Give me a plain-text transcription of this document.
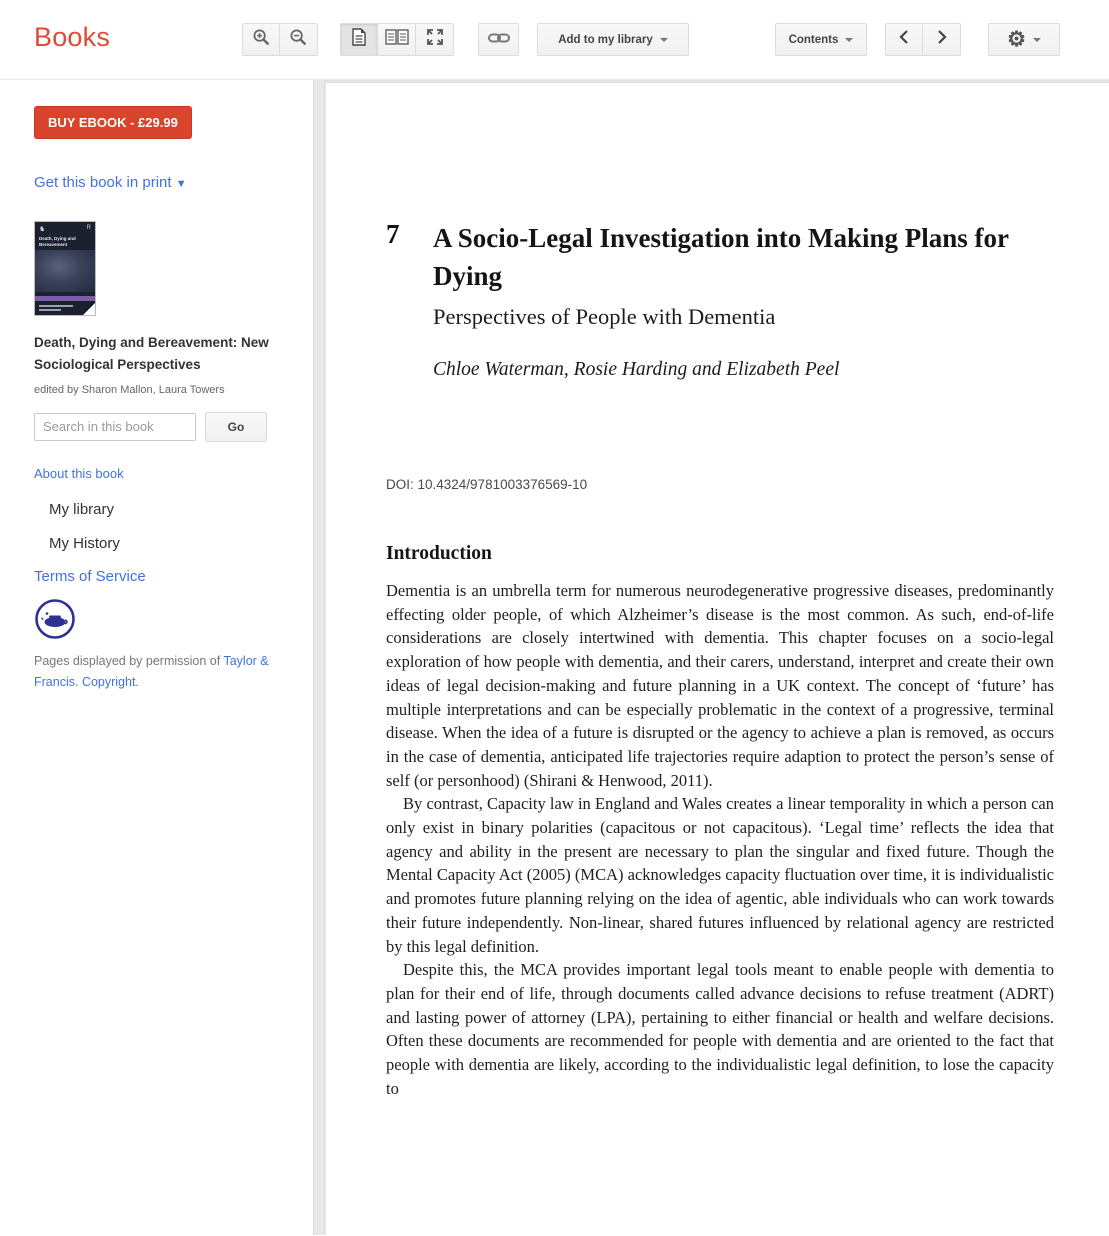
Books	Add to my library	Contents	⚙
BUY EBOOK - £29.99
Get this book in print ▼
♞	R
Death, Dying and
Bereavement
Death, Dying and Bereavement: New Sociological Perspectives
edited by Sharon Mallon, Laura Towers
Search in this book
Go
About this book
My library
My History
Terms of Service
Pages displayed by permission of Taylor & Francis. Copyright.
7	A Socio-Legal Investigation into Making Plans for Dying
Perspectives of People with Dementia
Chloe Waterman, Rosie Harding and Elizabeth Peel
DOI: 10.4324/9781003376569-10
Introduction

Dementia is an umbrella term for numerous neurodegenerative progressive diseases, predominantly effecting older people, of which Alzheimer’s disease is the most common. As such, end-of-life considerations are closely intertwined with dementia. This chapter focuses on a socio-legal exploration of how people with dementia, and their carers, understand, interpret and create their own ideas of legal decision-making and future planning in a UK context. The concept of ‘future’ has multiple interpretations and can be especially problematic in the context of a progressive, terminal disease. When the idea of a future is disrupted or the agency to achieve a plan is removed, as occurs in the case of dementia, anticipated life trajectories require adaption to protect the person’s sense of self (or personhood) (Shirani & Henwood, 2011).

By contrast, Capacity law in England and Wales creates a linear temporality in which a person can only exist in binary polarities (capacitous or not capacitous). ‘Legal time’ reflects the idea that agency and ability in the present are necessary to plan the singular and fixed future. Though the Mental Capacity Act (2005) (MCA) acknowledges capacity fluctuation over time, it is individualistic and promotes future planning relying on the idea of agentic, able individuals who can work towards their future independently. Non-linear, shared futures influenced by relational agency are restricted by this legal definition.

Despite this, the MCA provides important legal tools meant to enable people with dementia to plan for their end of life, through documents called advance decisions to refuse treatment (ADRT) and lasting power of attorney (LPA), pertaining to either financial or health and welfare decisions. Often these documents are recommended for people with dementia and are oriented to the fact that people with dementia are likely, according to the individualistic legal definition, to lose the capacity to
